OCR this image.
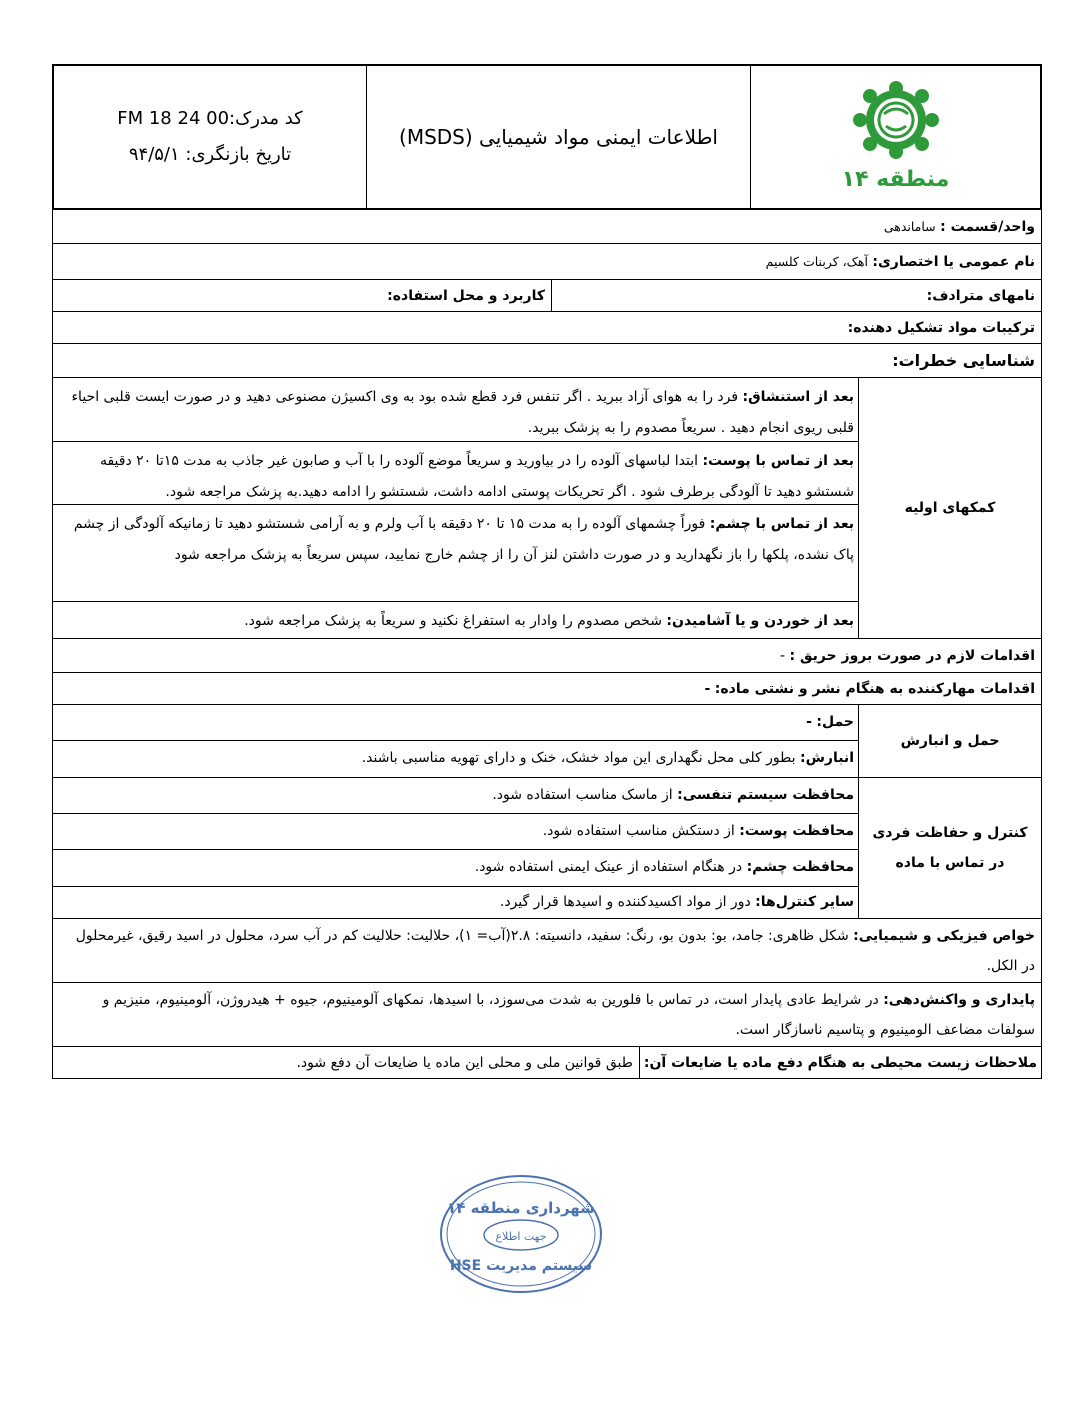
منطقه ۱۴
اطلاعات ایمنی مواد شیمیایی (MSDS)
کد مدرک:00 24 FM 18
تاریخ بازنگری: ۹۴/۵/۱
واحد/قسمت : ساماندهی
نام عمومی یا اختصاری: آهک، کربنات کلسیم
نامهای مترادف:
کاربرد و محل استفاده:
ترکیبات مواد تشکیل دهنده:
شناسایی خطرات:
کمکهای اولیه
بعد از استنشاق: فرد را به هوای آزاد ببرید . اگر تنفس فرد قطع شده بود به وی اکسیژن مصنوعی دهید و در صورت ایست قلبی احیاء قلبی ریوی انجام دهید . سریعاً مصدوم را به پزشک ببرید.
بعد از تماس با پوست: ابتدا لباسهای آلوده را در بیاورید و سریعاً موضع آلوده را با آب و صابون غیر جاذب به مدت ۱۵تا ۲۰ دقیقه شستشو دهید تا آلودگی برطرف شود . اگر تحریکات پوستی ادامه داشت، شستشو را ادامه دهید.به پزشک مراجعه شود.
بعد از تماس با چشم: فوراً چشمهای آلوده را به مدت ۱۵ تا ۲۰ دقیقه با آب ولرم و به آرامی شستشو دهید تا زمانیکه آلودگی از چشم پاک نشده، پلکها را باز نگهدارید و در صورت داشتن لنز آن را از چشم خارج نمایید، سپس سریعاً به پزشک مراجعه شود
بعد از خوردن و یا آشامیدن: شخص مصدوم را وادار به استفراغ نکنید و سریعاً به پزشک مراجعه شود.
اقدامات لازم در صورت بروز حریق : -
اقدامات مهارکننده به هنگام نشر و نشتی ماده: -
حمل و انبارش
حمل: -
انبارش: بطور کلی محل نگهداری این مواد خشک، خنک و دارای تهویه مناسبی باشند.
کنترل و حفاظت فردی
در تماس با ماده
محافظت سیستم تنفسی: از ماسک مناسب استفاده شود.
محافظت پوست: از دستکش مناسب استفاده شود.
محافظت چشم: در هنگام استفاده از عینک ایمنی استفاده شود.
سایر کنترل‌ها: دور از مواد اکسیدکننده و اسیدها قرار گیرد.
خواص فیزیکی و شیمیایی: شکل ظاهری: جامد، بو: بدون بو، رنگ: سفید، دانسیته: ۲.۸(آب= ۱)، حلالیت: حلالیت کم در آب سرد، محلول در اسید رقیق، غیرمحلول در الکل.
پایداری و واکنش‌دهی: در شرایط عادی پایدار است، در تماس با فلورین به شدت می‌سوزد، با اسیدها، نمکهای آلومینیوم، جیوه + هیدروژن، آلومینیوم، منیزیم و سولفات مضاعف الومینیوم و پتاسیم ناسازگار است.
ملاحظات زیست محیطی به هنگام دفع ماده یا ضایعات آن:
طبق قوانین ملی و محلی این ماده یا ضایعات آن دفع شود.
شهرداری منطقه ۱۴
جهت اطلاع
سیستم مدیریت HSE
